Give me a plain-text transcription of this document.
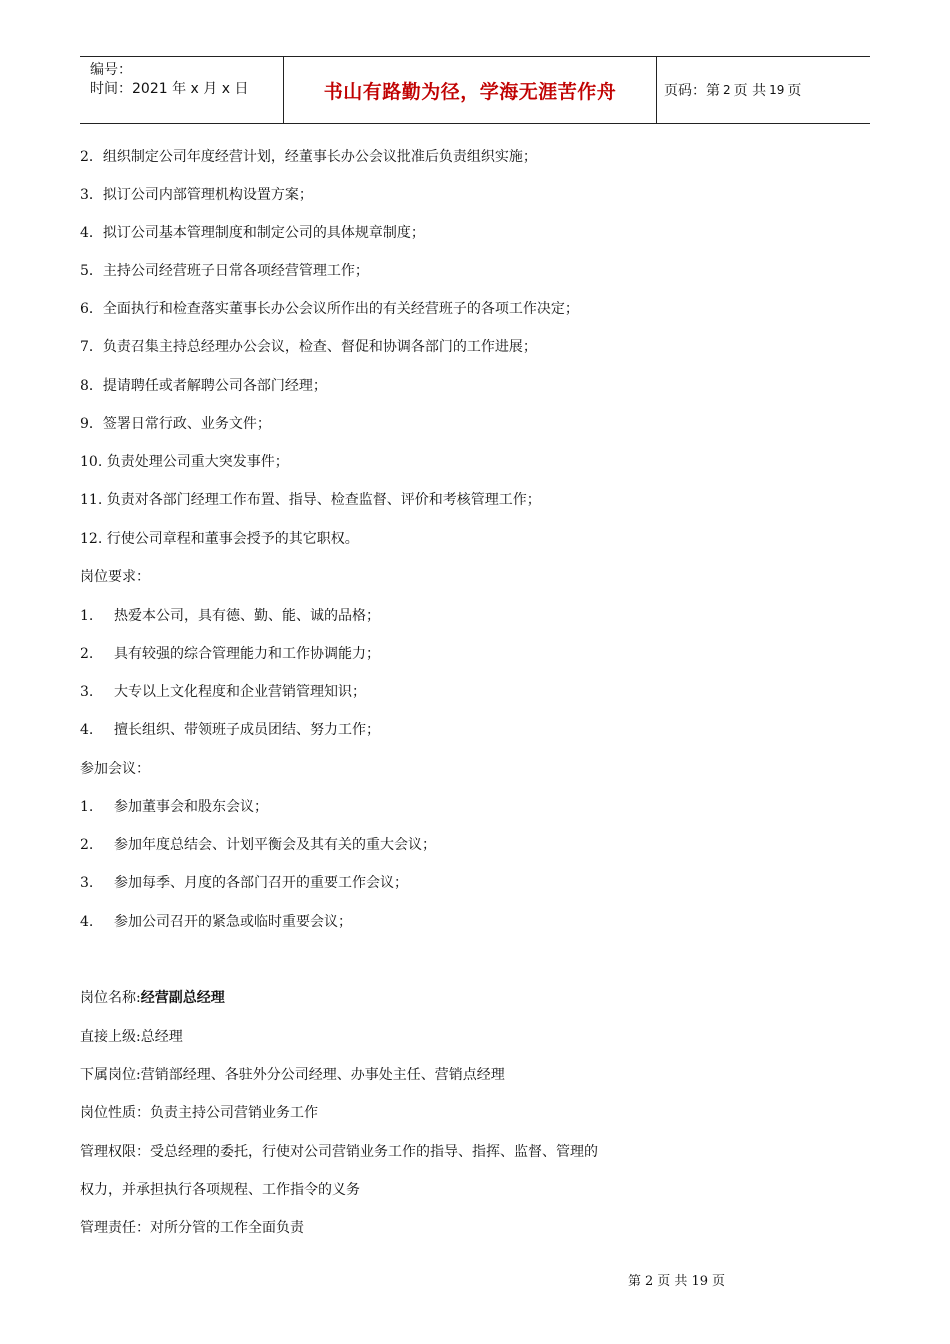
编号：
时间：2021 年 x 月 x 日	书山有路勤为径，学海无涯苦作舟	页码：第 2 页 共 19 页
2．组织制定公司年度经营计划，经董事长办公会议批准后负责组织实施；
3．拟订公司内部管理机构设置方案；
4．拟订公司基本管理制度和制定公司的具体规章制度；
5．主持公司经营班子日常各项经营管理工作；
6．全面执行和检查落实董事长办公会议所作出的有关经营班子的各项工作决定；
7．负责召集主持总经理办公会议，检查、督促和协调各部门的工作进展；
8．提请聘任或者解聘公司各部门经理；
9．签署日常行政、业务文件；
10. 负责处理公司重大突发事件；
11. 负责对各部门经理工作布置、指导、检查监督、评价和考核管理工作；
12. 行使公司章程和董事会授予的其它职权。
岗位要求：
1. 热爱本公司，具有德、勤、能、诚的品格；
2. 具有较强的综合管理能力和工作协调能力；
3. 大专以上文化程度和企业营销管理知识；
4. 擅长组织、带领班子成员团结、努力工作；
参加会议：
1. 参加董事会和股东会议；
2. 参加年度总结会、计划平衡会及其有关的重大会议；
3. 参加每季、月度的各部门召开的重要工作会议；
4. 参加公司召开的紧急或临时重要会议；
岗位名称:经营副总经理
直接上级:总经理
下属岗位:营销部经理、各驻外分公司经理、办事处主任、营销点经理
岗位性质：负责主持公司营销业务工作
管理权限：受总经理的委托，行使对公司营销业务工作的指导、指挥、监督、管理的
权力，并承担执行各项规程、工作指令的义务
管理责任：对所分管的工作全面负责
第 2 页 共 19 页
